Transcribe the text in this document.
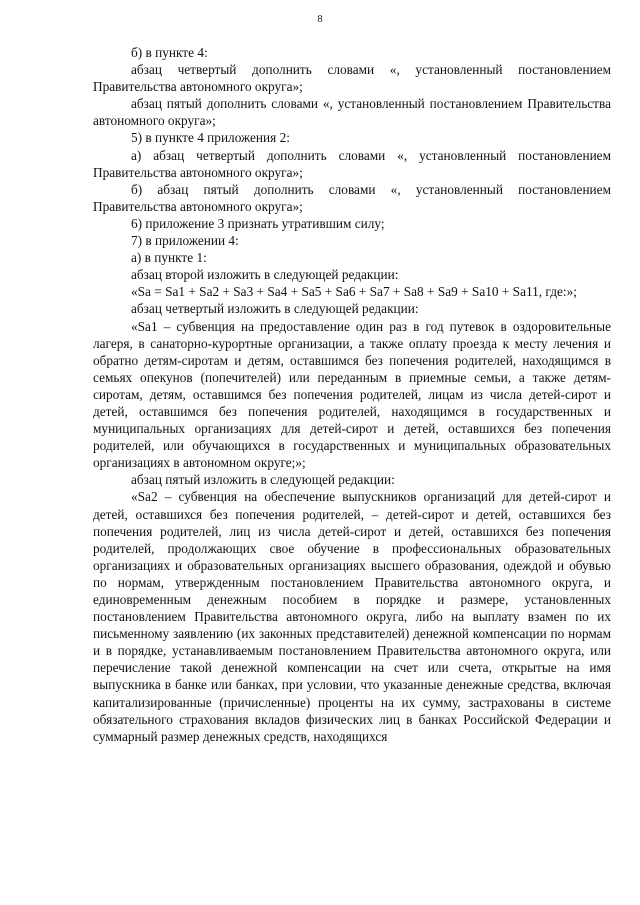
8

б) в пункте 4:

абзац четвертый дополнить словами «, установленный постановлением Правительства автономного округа»;

абзац пятый дополнить словами «, установленный постановлением Правительства автономного округа»;

5) в пункте 4 приложения 2:

а) абзац четвертый дополнить словами «, установленный постановлением Правительства автономного округа»;

б) абзац пятый дополнить словами «, установленный постановлением Правительства автономного округа»;

6) приложение 3 признать утратившим силу;

7) в приложении 4:

а) в пункте 1:

абзац второй изложить в следующей редакции:

«Sа = Sа1 + Sа2 + Sа3 + Sа4 + Sа5 + Sа6 + Sа7 + Sа8 + Sа9 + Sа10 + Sа11, где:»;

абзац четвертый изложить в следующей редакции:

«Sа1 – субвенция на предоставление один раз в год путевок в оздоровительные лагеря, в санаторно-курортные организации, а также оплату проезда к месту лечения и обратно детям-сиротам и детям, оставшимся без попечения родителей, находящимся в семьях опекунов (попечителей) или переданным в приемные семьи, а также детям-сиротам, детям, оставшимся без попечения родителей, лицам из числа детей-сирот и детей, оставшимся без попечения родителей, находящимся в государственных и муниципальных организациях для детей-сирот и детей, оставшихся без попечения родителей, или обучающихся в государственных и муниципальных образовательных организациях в автономном округе;»;

абзац пятый изложить в следующей редакции:

«Sа2 – субвенция на обеспечение выпускников организаций для детей-сирот и детей, оставшихся без попечения родителей, – детей-сирот и детей, оставшихся без попечения родителей, лиц из числа детей-сирот и детей, оставшихся без попечения родителей, продолжающих свое обучение в профессиональных образовательных организациях и образовательных организациях высшего образования, одеждой и обувью по нормам, утвержденным постановлением Правительства автономного округа, и единовременным денежным пособием в порядке и размере, установленных постановлением Правительства автономного округа, либо на выплату взамен по их письменному заявлению (их законных представителей) денежной компенсации по нормам и в порядке, устанавливаемым постановлением Правительства автономного округа, или перечисление такой денежной компенсации на счет или счета, открытые на имя выпускника в банке или банках, при условии, что указанные денежные средства, включая капитализированные (причисленные) проценты на их сумму, застрахованы в системе обязательного страхования вкладов физических лиц в банках Российской Федерации и суммарный размер денежных средств, находящихся
